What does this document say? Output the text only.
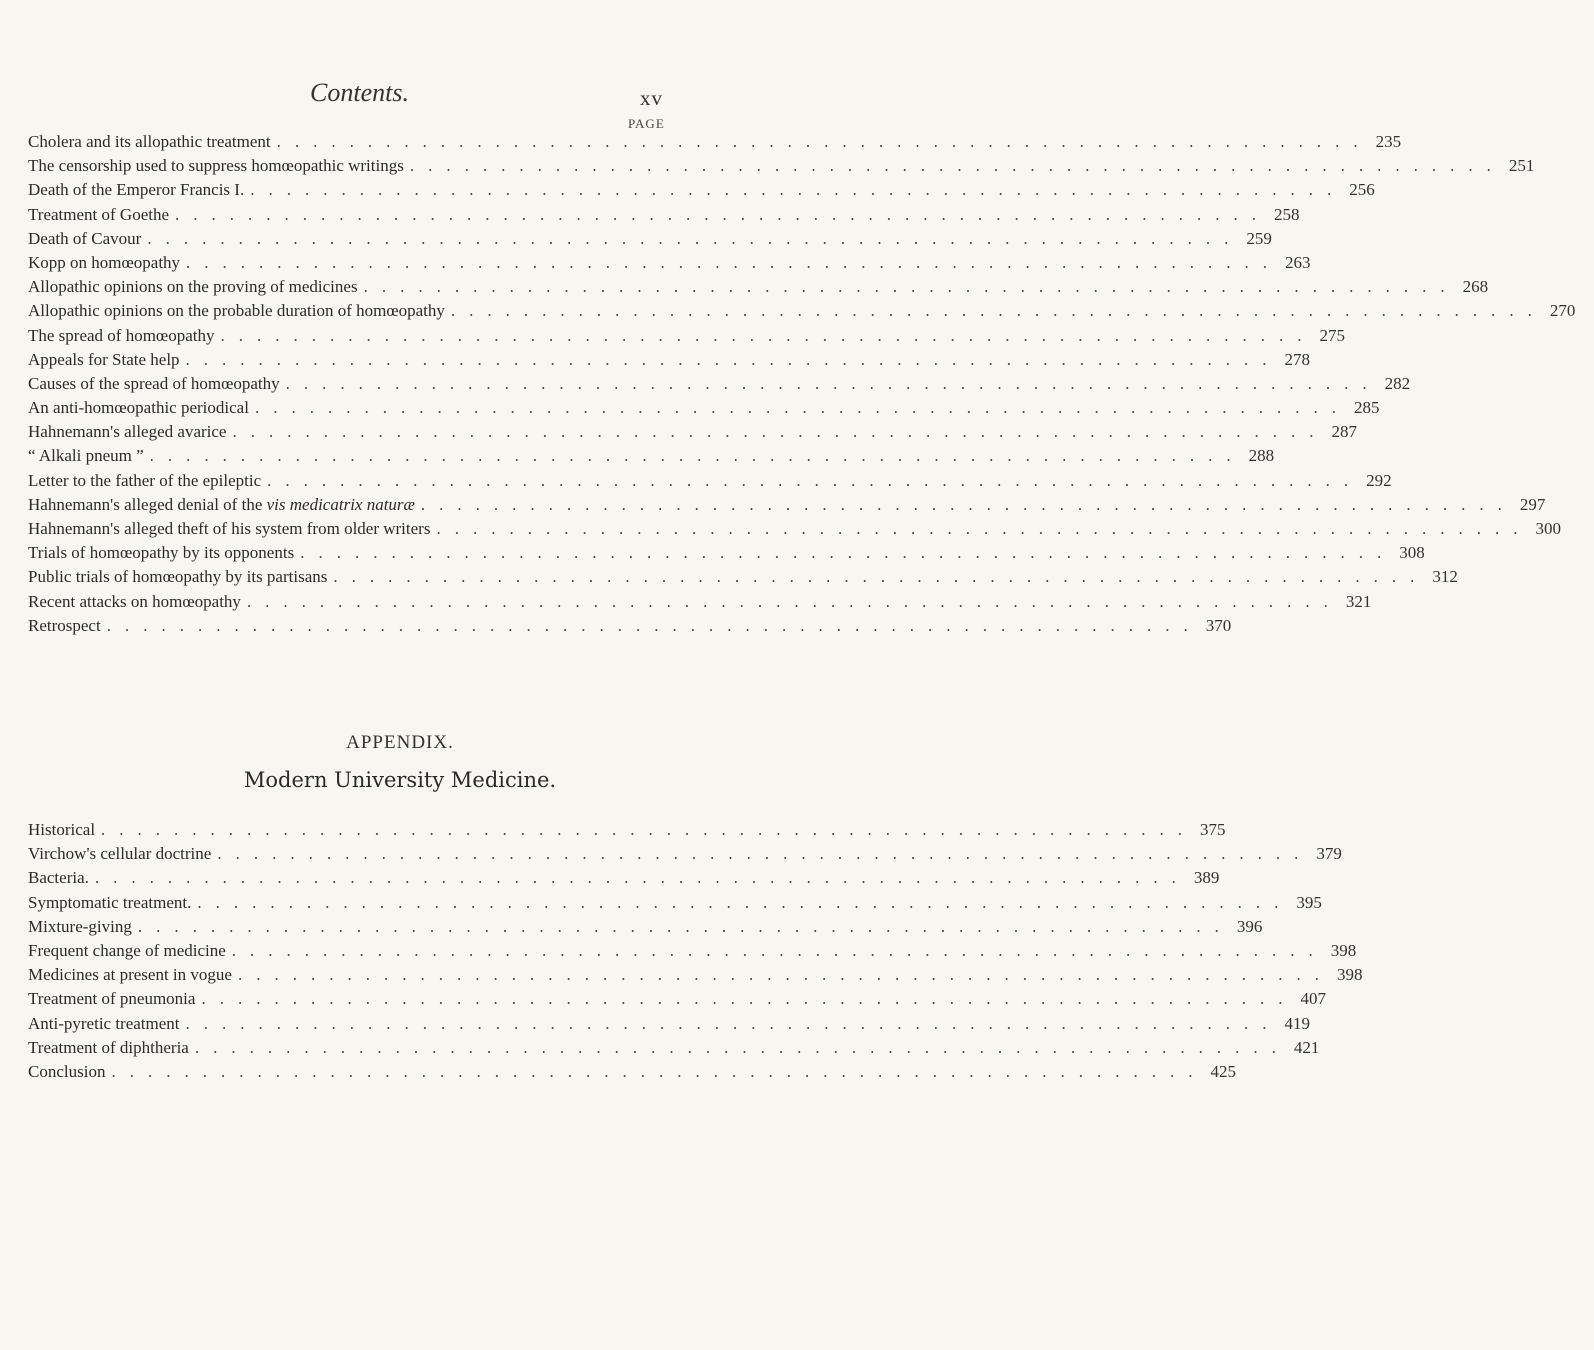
Contents.	xv
PAGE
Cholera and its allopathic treatment ............................................................ 235
The censorship used to suppress homœopathic writings ............................................................ 251
Death of the Emperor Francis I. ............................................................ 256
Treatment of Goethe ............................................................ 258
Death of Cavour ............................................................ 259
Kopp on homœopathy ............................................................ 263
Allopathic opinions on the proving of medicines ............................................................ 268
Allopathic opinions on the probable duration of homœopathy ............................................................ 270
The spread of homœopathy ............................................................ 275
Appeals for State help ............................................................ 278
Causes of the spread of homœopathy ............................................................ 282
An anti-homœopathic periodical ............................................................ 285
Hahnemann's alleged avarice ............................................................ 287
“ Alkali pneum ” ............................................................ 288
Letter to the father of the epileptic ............................................................ 292
Hahnemann's alleged denial of the vis medicatrix naturæ ............................................................ 297
Hahnemann's alleged theft of his system from older writers ............................................................ 300
Trials of homœopathy by its opponents ............................................................ 308
Public trials of homœopathy by its partisans ............................................................ 312
Recent attacks on homœopathy ............................................................ 321
Retrospect ............................................................ 370
APPENDIX.
Modern University Medicine.
Historical ............................................................ 375
Virchow's cellular doctrine ............................................................ 379
Bacteria. ............................................................ 389
Symptomatic treatment. ............................................................ 395
Mixture-giving ............................................................ 396
Frequent change of medicine ............................................................ 398
Medicines at present in vogue ............................................................ 398
Treatment of pneumonia ............................................................ 407
Anti-pyretic treatment ............................................................ 419
Treatment of diphtheria ............................................................ 421
Conclusion ............................................................ 425
